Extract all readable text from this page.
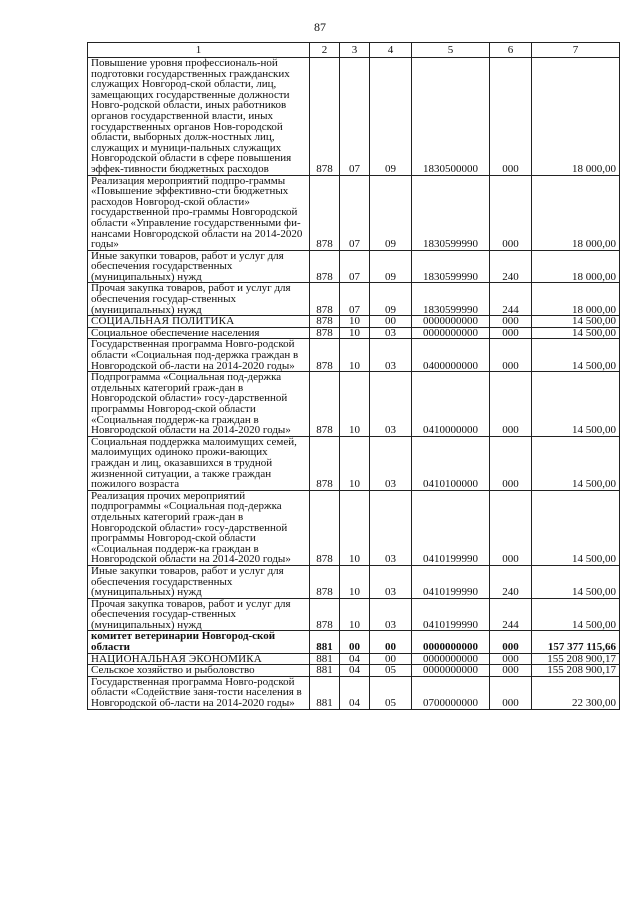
87
1	2	3	4	5	6	7
Повышение уровня профессиональ-ной подготовки государственных гражданских служащих Новгород-ской области, лиц, замещающих государственные должности Новго-родской области, иных работников органов государственной власти, иных государственных органов Нов-городской области, выборных долж-ностных лиц, служащих и муници-пальных служащих Новгородской области в сфере повышения эффек-тивности бюджетных расходов	878	07	09	1830500000	000	18 000,00
Реализация мероприятий подпро-граммы «Повышение эффективно-сти бюджетных расходов Новгород-ской области» государственной про-граммы Новгородской области «Управление государственными фи-нансами Новгородской области на 2014-2020 годы»	878	07	09	1830599990	000	18 000,00
Иные закупки товаров, работ и услуг для обеспечения государственных (муниципальных) нужд	878	07	09	1830599990	240	18 000,00
Прочая закупка товаров, работ и услуг для обеспечения государ-ственных (муниципальных) нужд	878	07	09	1830599990	244	18 000,00
СОЦИАЛЬНАЯ ПОЛИТИКА	878	10	00	0000000000	000	14 500,00
Социальное обеспечение населения	878	10	03	0000000000	000	14 500,00
Государственная программа Новго-родской области «Социальная под-держка граждан в Новгородской об-ласти на 2014-2020 годы»	878	10	03	0400000000	000	14 500,00
Подпрограмма «Социальная под-держка отдельных категорий граж-дан в Новгородской области» госу-дарственной программы Новгород-ской области «Социальная поддерж-ка граждан в Новгородской области на 2014-2020 годы»	878	10	03	0410000000	000	14 500,00
Социальная поддержка малоимущих семей, малоимущих одиноко прожи-вающих граждан и лиц, оказавшихся в трудной жизненной ситуации, а также граждан пожилого возраста	878	10	03	0410100000	000	14 500,00
Реализация прочих мероприятий подпрограммы «Социальная под-держка отдельных категорий граж-дан в Новгородской области» госу-дарственной программы Новгород-ской области «Социальная поддерж-ка граждан в Новгородской области на 2014-2020 годы»	878	10	03	0410199990	000	14 500,00
Иные закупки товаров, работ и услуг для обеспечения государственных (муниципальных) нужд	878	10	03	0410199990	240	14 500,00
Прочая закупка товаров, работ и услуг для обеспечения государ-ственных (муниципальных) нужд	878	10	03	0410199990	244	14 500,00
комитет ветеринарии Новгород-ской области	881	00	00	0000000000	000	157 377 115,66
НАЦИОНАЛЬНАЯ ЭКОНОМИКА	881	04	00	0000000000	000	155 208 900,17
Сельское хозяйство и рыболовство	881	04	05	0000000000	000	155 208 900,17
Государственная программа Новго-родской области «Содействие заня-тости населения в Новгородской об-ласти на 2014-2020 годы»	881	04	05	0700000000	000	22 300,00
